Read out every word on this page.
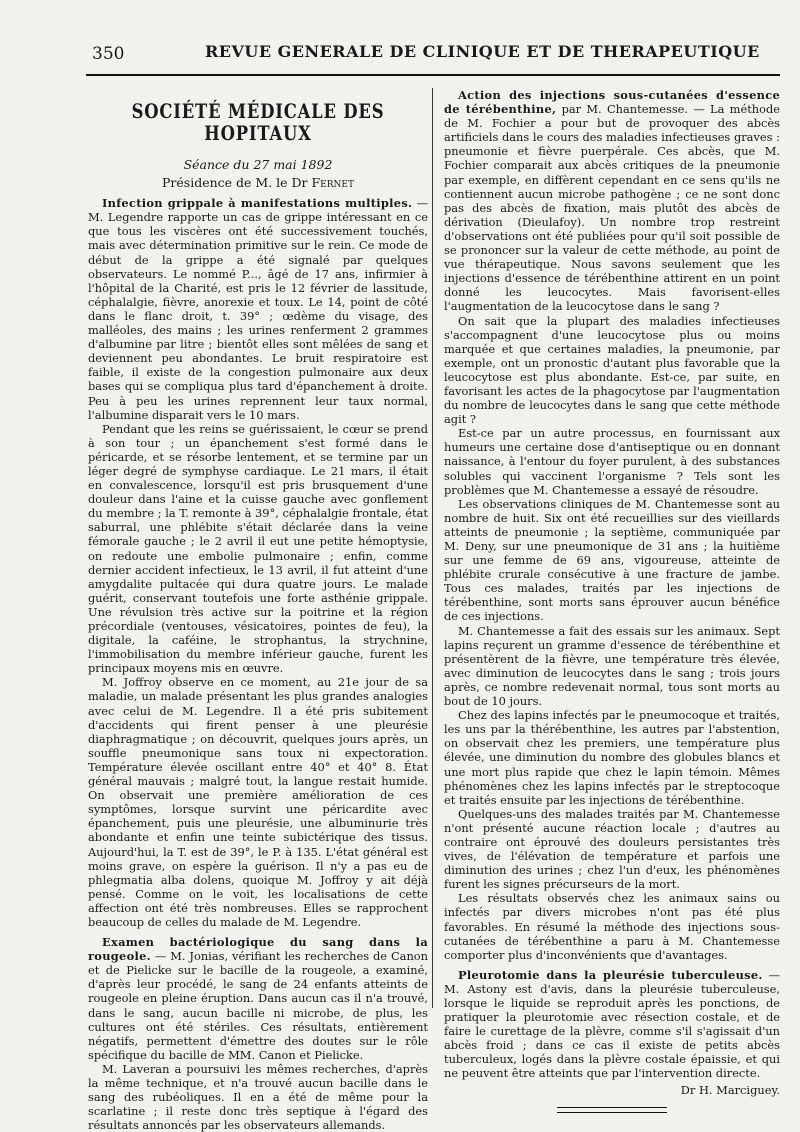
350	REVUE GENERALE DE CLINIQUE ET DE THERAPEUTIQUE
SOCIÉTÉ MÉDICALE DES HOPITAUX
Séance du 27 mai 1892
Présidence de M. le Dr Fernet

Infection grippale à manifestations multiples. — M. Legendre rapporte un cas de grippe intéressant en ce que tous les viscères ont été successivement touchés, mais avec détermination primitive sur le rein. Ce mode de début de la grippe a été signalé par quelques observateurs. Le nommé P..., âgé de 17 ans, infirmier à l'hôpital de la Charité, est pris le 12 février de lassitude, céphalalgie, fièvre, anorexie et toux. Le 14, point de côté dans le flanc droit, t. 39° ; œdème du visage, des malléoles, des mains ; les urines renferment 2 grammes d'albumine par litre ; bientôt elles sont mêlées de sang et deviennent peu abondantes. Le bruit respiratoire est faible, il existe de la congestion pulmonaire aux deux bases qui se compliqua plus tard d'épanchement à droite. Peu à peu les urines reprennent leur taux normal, l'albumine disparait vers le 10 mars.

Pendant que les reins se guérissaient, le cœur se prend à son tour ; un épanchement s'est formé dans le péricarde, et se résorbe lentement, et se termine par un léger degré de symphyse cardiaque. Le 21 mars, il était en convalescence, lorsqu'il est pris brusquement d'une douleur dans l'aine et la cuisse gauche avec gonflement du membre ; la T. remonte à 39°, céphalalgie frontale, état saburral, une phlébite s'était déclarée dans la veine fémorale gauche ; le 2 avril il eut une petite hémoptysie, on redoute une embolie pulmonaire ; enfin, comme dernier accident infectieux, le 13 avril, il fut atteint d'une amygdalite pultacée qui dura quatre jours. Le malade guérit, conservant toutefois une forte asthénie grippale. Une révulsion très active sur la poitrine et la région précordiale (ventouses, vésicatoires, pointes de feu), la digitale, la caféine, le strophantus, la strychnine, l'immobilisation du membre inférieur gauche, furent les principaux moyens mis en œuvre.

M. Joffroy observe en ce moment, au 21e jour de sa maladie, un malade présentant les plus grandes analogies avec celui de M. Legendre. Il a été pris subitement d'accidents qui firent penser à une pleurésie diaphragmatique ; on découvrit, quelques jours après, un souffle pneumonique sans toux ni expectoration. Température élevée oscillant entre 40° et 40° 8. État général mauvais ; malgré tout, la langue restait humide. On observait une première amélioration de ces symptômes, lorsque survint une péricardite avec épanchement, puis une pleurésie, une albuminurie très abondante et enfin une teinte subictérique des tissus. Aujourd'hui, la T. est de 39°, le P. à 135. L'état général est moins grave, on espère la guérison. Il n'y a pas eu de phlegmatia alba dolens, quoique M. Joffroy y ait déjà pensé. Comme on le voit, les localisations de cette affection ont été très nombreuses. Elles se rapprochent beaucoup de celles du malade de M. Legendre.

Examen bactériologique du sang dans la rougeole. — M. Jonias, vérifiant les recherches de Canon et de Pielicke sur le bacille de la rougeole, a examiné, d'après leur procédé, le sang de 24 enfants atteints de rougeole en pleine éruption. Dans aucun cas il n'a trouvé, dans le sang, aucun bacille ni microbe, de plus, les cultures ont été stériles. Ces résultats, entièrement négatifs, permettent d'émettre des doutes sur le rôle spécifique du bacille de MM. Canon et Pielicke.

M. Laveran a poursuivi les mêmes recherches, d'après la même technique, et n'a trouvé aucun bacille dans le sang des rubéoliques. Il en a été de même pour la scarlatine ; il reste donc très septique à l'égard des résultats annoncés par les observateurs allemands.

Action des injections sous-cutanées d'essence de térébenthine, par M. Chantemesse. — La méthode de M. Fochier a pour but de provoquer des abcès artificiels dans le cours des maladies infectieuses graves : pneumonie et fièvre puerpérale. Ces abcès, que M. Fochier comparait aux abcès critiques de la pneumonie par exemple, en diffèrent cependant en ce sens qu'ils ne contiennent aucun microbe pathogène ; ce ne sont donc pas des abcès de fixation, mais plutôt des abcès de dérivation (Dieulafoy). Un nombre trop restreint d'observations ont été publiées pour qu'il soit possible de se prononcer sur la valeur de cette méthode, au point de vue thérapeutique. Nous savons seulement que les injections d'essence de térébenthine attirent en un point donné les leucocytes. Mais favorisent-elles l'augmentation de la leucocytose dans le sang ?

On sait que la plupart des maladies infectieuses s'accompagnent d'une leucocytose plus ou moins marquée et que certaines maladies, la pneumonie, par exemple, ont un pronostic d'autant plus favorable que la leucocytose est plus abondante. Est-ce, par suite, en favorisant les actes de la phagocytose par l'augmentation du nombre de leucocytes dans le sang que cette méthode agit ?

Est-ce par un autre processus, en fournissant aux humeurs une certaine dose d'antiseptique ou en donnant naissance, à l'entour du foyer purulent, à des substances solubles qui vaccinent l'organisme ? Tels sont les problèmes que M. Chantemesse a essayé de résoudre.

Les observations cliniques de M. Chantemesse sont au nombre de huit. Six ont été recueillies sur des vieillards atteints de pneumonie ; la septième, communiquée par M. Deny, sur une pneumonique de 31 ans ; la huitième sur une femme de 69 ans, vigoureuse, atteinte de phlébite crurale consécutive à une fracture de jambe. Tous ces malades, traités par les injections de térébenthine, sont morts sans éprouver aucun bénéfice de ces injections.

M. Chantemesse a fait des essais sur les animaux. Sept lapins reçurent un gramme d'essence de térébenthine et présentèrent de la fièvre, une température très élevée, avec diminution de leucocytes dans le sang ; trois jours après, ce nombre redevenait normal, tous sont morts au bout de 10 jours.

Chez des lapins infectés par le pneumocoque et traités, les uns par la thérébenthine, les autres par l'abstention, on observait chez les premiers, une température plus élevée, une diminution du nombre des globules blancs et une mort plus rapide que chez le lapin témoin. Mêmes phénomènes chez les lapins infectés par le streptocoque et traités ensuite par les injections de térébenthine.

Quelques-uns des malades traités par M. Chantemesse n'ont présenté aucune réaction locale ; d'autres au contraire ont éprouvé des douleurs persistantes très vives, de l'élévation de température et parfois une diminution des urines ; chez l'un d'eux, les phénomènes furent les signes précurseurs de la mort.

Les résultats observés chez les animaux sains ou infectés par divers microbes n'ont pas été plus favorables. En résumé la méthode des injections sous-cutanées de térébenthine a paru à M. Chantemesse comporter plus d'inconvénients que d'avantages.

Pleurotomie dans la pleurésie tuberculeuse. — M. Astony est d'avis, dans la pleurésie tuberculeuse, lorsque le liquide se reproduit après les ponctions, de pratiquer la pleurotomie avec résection costale, et de faire le curettage de la plèvre, comme s'il s'agissait d'un abcès froid ; dans ce cas il existe de petits abcès tuberculeux, logés dans la plèvre costale épaissie, et qui ne peuvent être atteints que par l'intervention directe.

Dr H. Marciguey.
